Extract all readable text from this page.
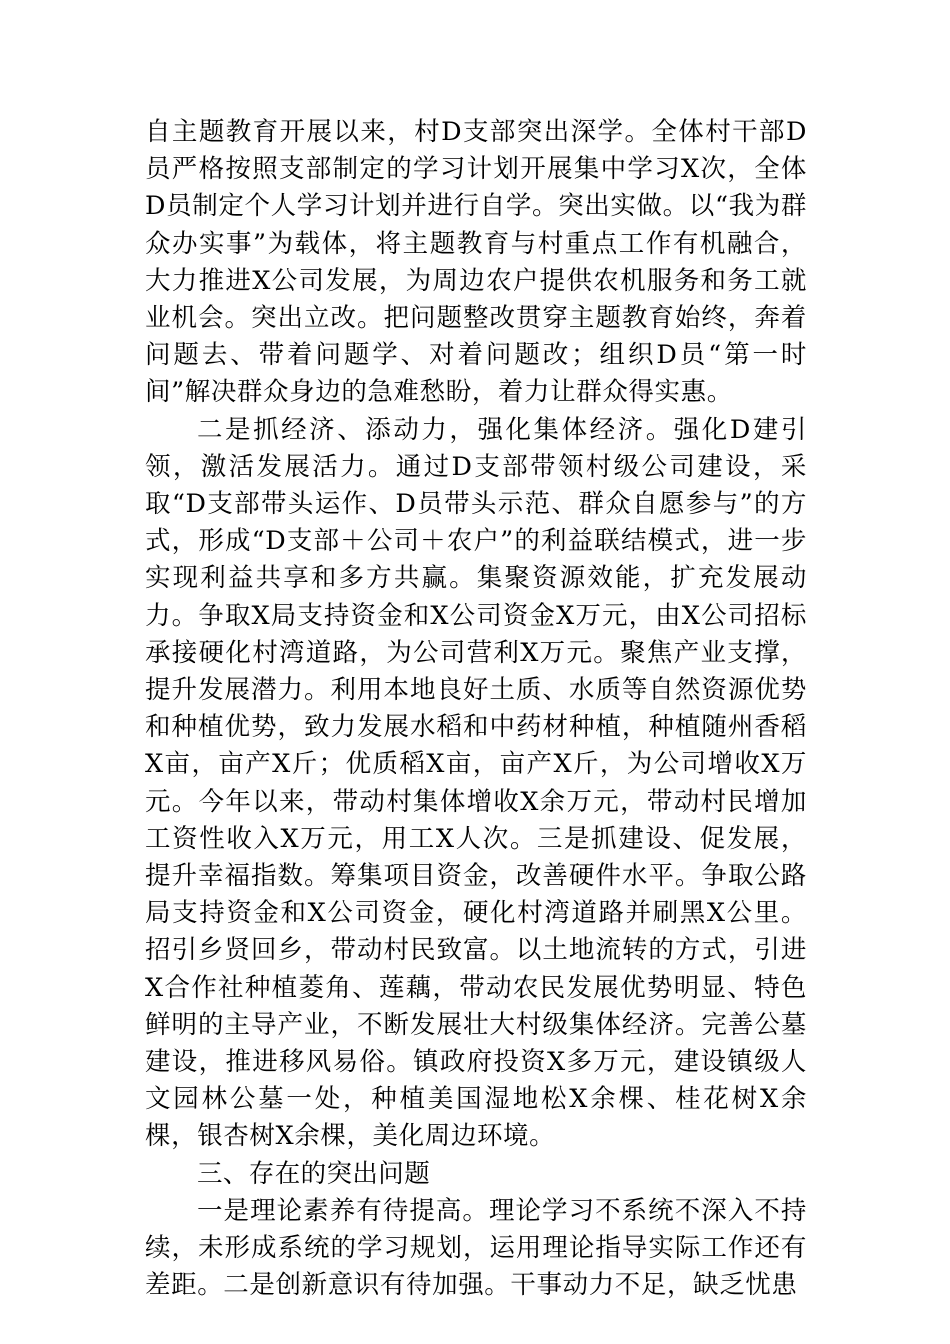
自主题教育开展以来，村D支部突出深学。全体村干部D员严格按照支部制定的学习计划开展集中学习X次，全体D员制定个人学习计划并进行自学。突出实做。以“我为群众办实事”为载体，将主题教育与村重点工作有机融合，大力推进X公司发展，为周边农户提供农机服务和务工就业机会。突出立改。把问题整改贯穿主题教育始终，奔着问题去、带着问题学、对着问题改；组织D员“第一时间”解决群众身边的急难愁盼，着力让群众得实惠。

二是抓经济、添动力，强化集体经济。强化D建引领，激活发展活力。通过D支部带领村级公司建设，采取“D支部带头运作、D员带头示范、群众自愿参与”的方式，形成“D支部＋公司＋农户”的利益联结模式，进一步实现利益共享和多方共赢。集聚资源效能，扩充发展动力。争取X局支持资金和X公司资金X万元，由X公司招标承接硬化村湾道路，为公司营利X万元。聚焦产业支撑，提升发展潜力。利用本地良好土质、水质等自然资源优势和种植优势，致力发展水稻和中药材种植，种植随州香稻X亩，亩产X斤；优质稻X亩，亩产X斤，为公司增收X万元。今年以来，带动村集体增收X余万元，带动村民增加工资性收入X万元，用工X人次。三是抓建设、促发展，提升幸福指数。筹集项目资金，改善硬件水平。争取公路局支持资金和X公司资金，硬化村湾道路并刷黑X公里。招引乡贤回乡，带动村民致富。以土地流转的方式，引进X合作社种植菱角、莲藕，带动农民发展优势明显、特色鲜明的主导产业，不断发展壮大村级集体经济。完善公墓建设，推进移风易俗。镇政府投资X多万元，建设镇级人文园林公墓一处，种植美国湿地松X余棵、桂花树X余棵，银杏树X余棵，美化周边环境。

三、存在的突出问题

一是理论素养有待提高。理论学习不系统不深入不持续，未形成系统的学习规划，运用理论指导实际工作还有差距。二是创新意识有待加强。干事动力不足，缺乏忧患
